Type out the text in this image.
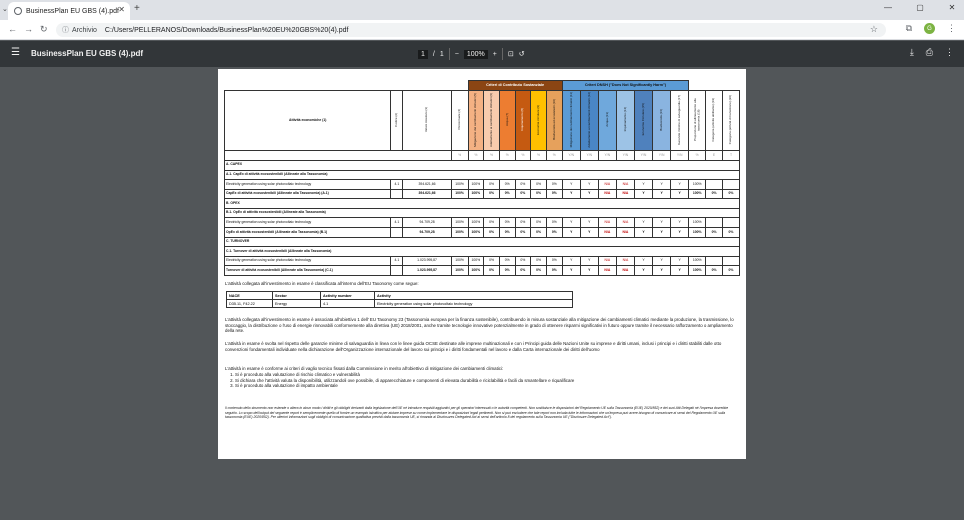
⌄	BusinessPlan EU GBS (4).pdf ✕ +	—	▢	✕
← → ↻ ⓘ Archivio C:/Users/PELLERANOS/Downloads/BusinessPlan%20EU%20GBS%20(4).pdf	☆	⧉	G	⋮
☰ BusinessPlan EU GBS (4).pdf	1	/ 1 −	100%	+ ⊡ ↺	⤓ ⎙ ⋮
				Criteri di Contributo Sostanziale						Criteri DNSH ("Does Not Significantly Harm")									
Attività economiche (1)	Codice (2)	Valore Assoluto (3)	Percentuale (4)	Mitigazione dei cambiamenti climatici (5)	Adattamento ai cambiamenti climatici (6)	Acqua (7)	Inquinamento (8)	Economia circolare (9)	Biodiversità ed ecosistemi (10)	Mitigazione dei cambiamenti climatici (11)	Adattamento ai cambiamenti climatici (12)	Acqua (13)	Inquinamento (14)	Economia Circolare (15)	Biodiversità (16)	Garanzie minime di salvaguardia (17)	Proporzione di allineamento alla tassonomia (18)	Categoria (attività abilitante) (19)	Categoria (attività di transizione) (20)
			%	%	%	%	%	%	%	Y/N	Y/N	Y/N	Y/N	Y/N	Y/N	Y/N	%	E	T
A. CAPEX																			
A.1. CapEx di attività ecosostenibili (Allineate alla Tassonomia)																			
Electricity generation using solar photovoltaic technology	4.1	394.621,66	100%	100%	0%	0%	0%	0%	0%	Y	Y	N/A	N/A	Y	Y	Y	100%		
CapEx di attività ecosostenibili (Allineate alla Tassonomia) (A.1)		394.621,66	100%	100%	0%	0%	0%	0%	0%	Y	Y	N/A	N/A	Y	Y	Y	100%	0%	0%
B. OPEX																			
B.1. OpEx di attività ecosostenibili (Allineate alla Tassonomia)																			
Electricity generation using solar photovoltaic technology	4.1	94.709,28	100%	100%	0%	0%	0%	0%	0%	Y	Y	N/A	N/A	Y	Y	Y	100%		
OpEx di attività ecosostenibili (Allineate alla Tassonomia) (B.1)		94.709,28	100%	100%	0%	0%	0%	0%	0%	Y	Y	N/A	N/A	Y	Y	Y	100%	0%	0%
C. TURNOVER																			
C.1. Turnover di attività ecosostenibili (Allineate alla Tassonomia)																			
Electricity generation using solar photovoltaic technology	4.1	1.023.995,87	100%	100%	0%	0%	0%	0%	0%	Y	Y	N/A	N/A	Y	Y	Y	100%		
Turnover di attività ecosostenibili (Allineate alla Tassonomia) (C.1)		1.023.995,87	100%	100%	0%	0%	0%	0%	0%	Y	Y	N/A	N/A	Y	Y	Y	100%	0%	0%
L'attività collegata all'investimento in esame è classificata all'interno dell'EU Taxonomy come segue:
NACE	Sector	Activity number	Activity
D35.11, F42.22	Energy	4.1	Electricity generation using solar photovoltaic technology
L'attività collegata all'investimento in esame è associata all'obiettivo 1 dell' EU Taxonomy 23 (Tassonomia europea per la finanza sostenibile), contribuendo in misura sostanziale alla mitigazione dei cambiamenti climatici mediante la produzione, la trasmissione, lo stoccaggio, la distribuzione o l'uso di energie rinnovabili conformemente alla direttiva (UE) 2018/2001, anche tramite tecnologie innovative potenzialmente in grado di ottenere risparmi significativi in futuro oppure tramite il necessario rafforzamento o ampliamento della rete.
L'attività in esame è svolta nel rispetto delle garanzie minime di salvaguardia in linea con le linee guida OCSE destinate alle imprese multinazionali e con i Principi guida delle Nazioni Unite su imprese e diritti umani, inclusi i principi e i diritti stabiliti dalle otto convenzioni fondamentali individuate nella dichiarazione dell'Organizzazione internazionale del lavoro sui principi e i diritti fondamentali nel lavoro e dalla Carta internazionale dei diritti dell'uomo
L'attività in esame è conforme ai criteri di vaglio tecnico fissati dalla Commissione in merito all'obiettivo di mitigazione dei cambiamenti climatici:
1. Si è proceduto alla valutazione di rischio climatico e vulnerabilità
2. Si dichiara che l'attività valuta la disponibilità, utilizzandoli ove possibile, di apparecchiature e componenti di elevata durabilità e riciclabilità e facili da smantellare e riqualificare
3. Si è proceduto alla valutazione di impatto ambientale
Il contenuto dello strumento non estende o altera in alcun modo i diritti e gli obblighi derivanti dalla legislazione dell'UE né introduce requisiti aggiuntivi per gli operatori interessati o le autorità competenti. Non sostituisce le disposizioni del Regolamento UE sulla Tassonomia (EUE) 2020/852) e dei suoi Atti Delegati né l'impresa dovrebbe seguirlo. Lo scopo dell'output del seguente report è semplicemente quello di fornire un esempio istruttivo per aiutare imprese su come implementare le disposizioni legali pertinenti. Non si può escludere che tale report non includa tutte le informazioni che un'impresa può avere bisogno di comunicare ai sensi del Regolamento UE sulla tassonomia (EUE) 2020/852). Per ulteriori informazioni sugli obblighi di comunicazione qualitativa previsti dalla tassonomia UE, si rimanda al Disclosures Delegated Act ai sensi dell'articolo 8 del regolamento sulla Tassonomia UE ("Disclosure Delegated Act").
